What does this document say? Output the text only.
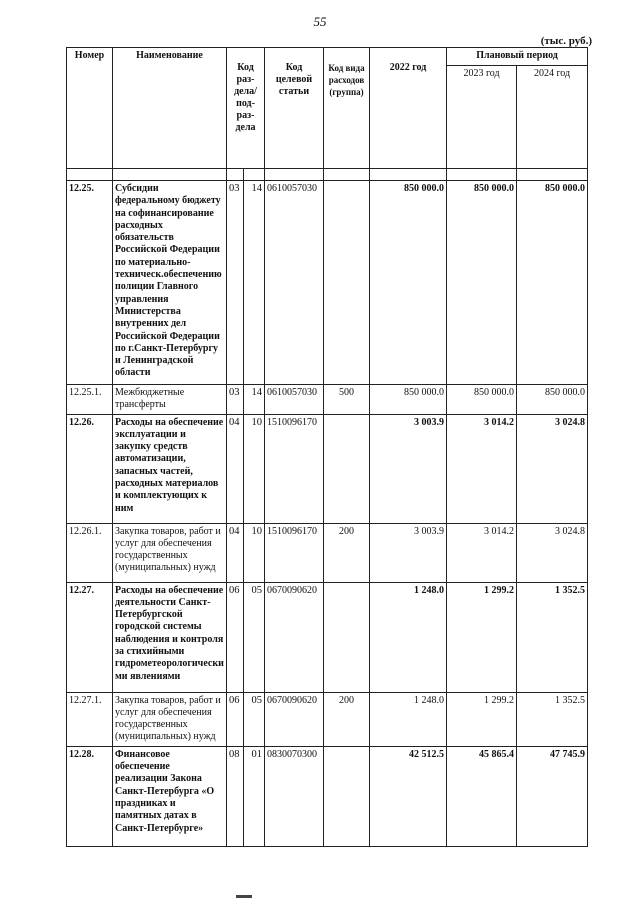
55
(тыс. руб.)
Номер	Наименование	Код раз- дела/ под- раз- дела		Код целевой статьи	Код вида расходов (группа)	2022 год	Плановый период	
							2023 год	2024 год

12.25.	Субсидии федеральному бюджету на софинансирование расходных обязательств Российской Федерации по материально-техническ.обеспечению полиции Главного управления Министерства внутренних дел Российской Федерации по г.Санкт-Петербургу и Ленинградской области	03	14	0610057030		850 000.0	850 000.0	850 000.0
12.25.1.	Межбюджетные трансферты	03	14	0610057030	500	850 000.0	850 000.0	850 000.0
12.26.	Расходы на обеспечение эксплуатации и закупку средств автоматизации, запасных частей, расходных материалов и комплектующих к ним	04	10	1510096170		3 003.9	3 014.2	3 024.8
12.26.1.	Закупка товаров, работ и услуг для обеспечения государственных (муниципальных) нужд	04	10	1510096170	200	3 003.9	3 014.2	3 024.8
12.27.	Расходы на обеспечение деятельности Санкт-Петербургской городской системы наблюдения и контроля за стихийными гидрометеорологически ми явлениями	06	05	0670090620		1 248.0	1 299.2	1 352.5
12.27.1.	Закупка товаров, работ и услуг для обеспечения государственных (муниципальных) нужд	06	05	0670090620	200	1 248.0	1 299.2	1 352.5
12.28.	Финансовое обеспечение реализации Закона Санкт-Петербурга «О праздниках и памятных датах в Санкт-Петербурге»	08	01	0830070300		42 512.5	45 865.4	47 745.9
